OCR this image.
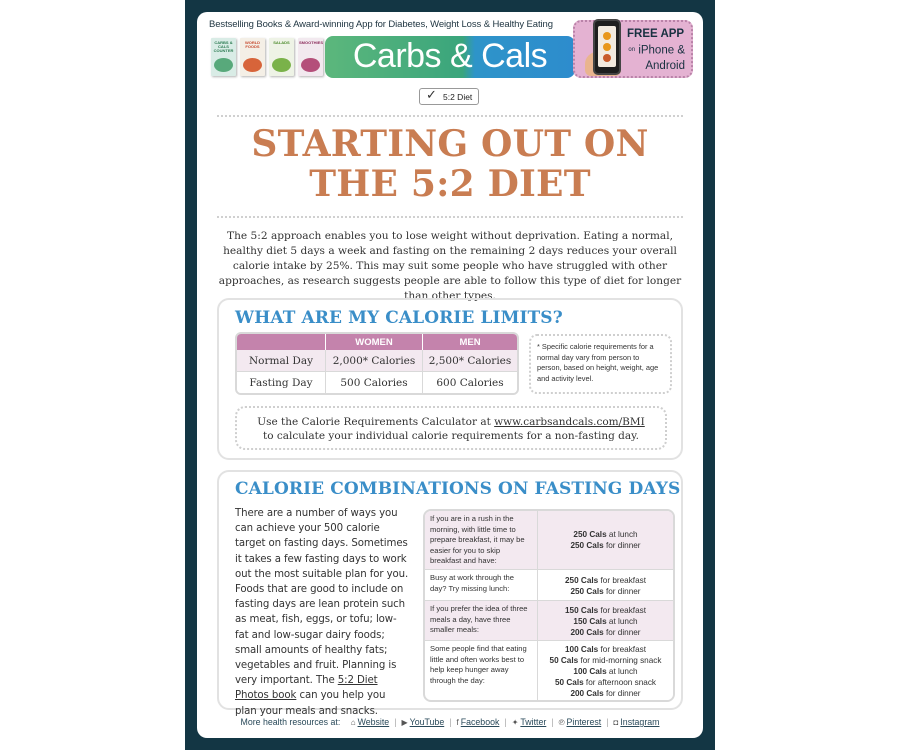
Bestselling Books & Award-winning App for Diabetes, Weight Loss & Healthy Eating
CARBS & CALS COUNTER
WORLD FOODS
SALADS	SMOOTHIES Carbs & Cals
FREE APP
on iPhone &
Android
✓ 5:2 Diet
STARTING OUT ON
THE 5:2 DIET
The 5:2 approach enables you to lose weight without deprivation. Eating a normal, healthy diet 5 days a week and fasting on the remaining 2 days reduces your overall calorie intake by 25%. This may suit some people who have struggled with other approaches, as research suggests people are able to follow this type of diet for longer than other types.
WHAT ARE MY CALORIE LIMITS?
	WOMEN	MEN
Normal Day	2,000* Calories	2,500* Calories
Fasting Day	500 Calories	600 Calories
* Specific calorie requirements for a normal day vary from person to person, based on height, weight, age and activity level.
Use the Calorie Requirements Calculator at www.carbsandcals.com/BMI
to calculate your individual calorie requirements for a non-fasting day.
CALORIE COMBINATIONS ON FASTING DAYS
There are a number of ways you can achieve your 500 calorie target on fasting days. Sometimes it takes a few fasting days to work out the most suitable plan for you. Foods that are good to include on fasting days are lean protein such as meat, fish, eggs, or tofu; low-fat and low-sugar dairy foods; small amounts of healthy fats; vegetables and fruit. Planning is very important. The 5:2 Diet Photos book can you help you plan your meals and snacks.
If you are in a rush in the morning, with little time to prepare breakfast, it may be easier for you to skip breakfast and have:
250 Cals at lunch
250 Cals for dinner
Busy at work through the day? Try missing lunch:
250 Cals for breakfast
250 Cals for dinner
If you prefer the idea of three meals a day, have three smaller meals:
150 Cals for breakfast
150 Cals at lunch
200 Cals for dinner
Some people find that eating little and often works best to help keep hunger away through the day:
100 Cals for breakfast
50 Cals for mid-morning snack
100 Cals at lunch
50 Cals for afternoon snack
200 Cals for dinner
More health resources at: ⌂ Website | ▶ YouTube | f Facebook | ✦ Twitter | ℗ Pinterest | ◘ Instagram
